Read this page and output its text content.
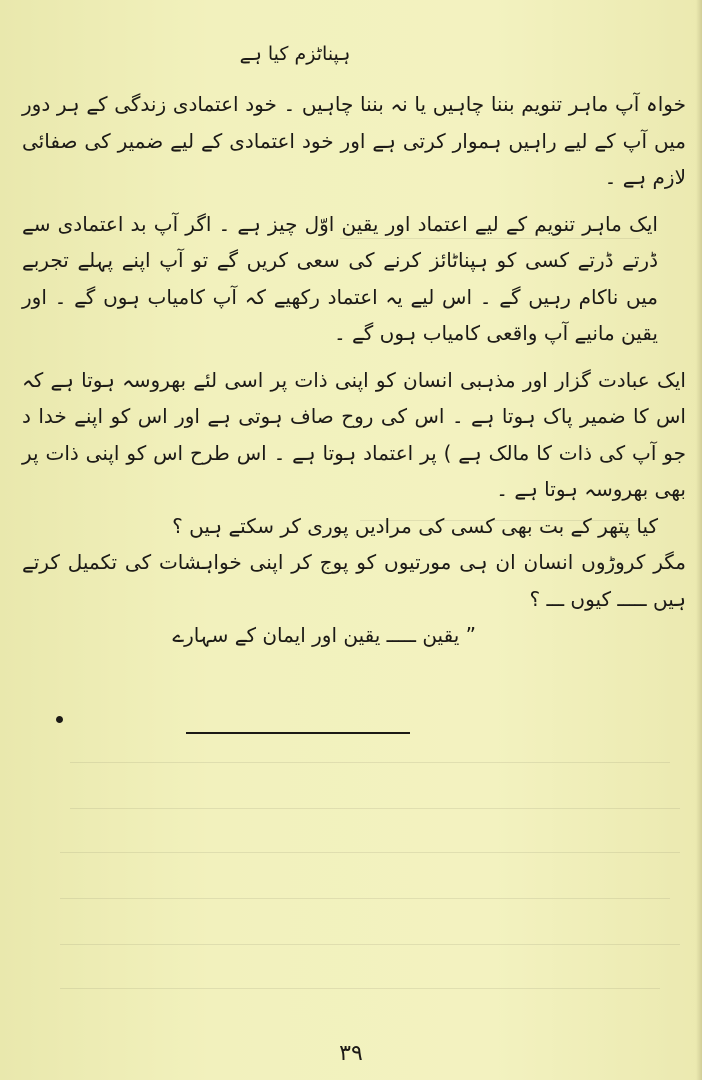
ہپناٹزم کیا ہے

خواہ آپ ماہر تنویم بننا چاہیں یا نہ بننا چاہیں ۔ خود اعتمادی زندگی کے ہر دور میں آپ کے لیے راہیں ہموار کرتی ہے اور خود اعتمادی کے لیے ضمیر کی صفائی لازم ہے ۔

ایک ماہر تنویم کے لیے اعتماد اور یقین اوّل چیز ہے ۔ اگر آپ بد اعتمادی سے ڈرتے ڈرتے کسی کو ہپناٹائز کرنے کی سعی کریں گے تو آپ اپنے پہلے تجربے میں ناکام رہیں گے ۔ اس لیے یہ اعتماد رکھیے کہ آپ کامیاب ہوں گے ۔ اور یقین مانیے آپ واقعی کامیاب ہوں گے ۔

ایک عبادت گزار اور مذہبی انسان کو اپنی ذات پر اسی لئے بھروسہ ہوتا ہے کہ اس کا ضمیر پاک ہوتا ہے ۔ اس کی روح صاف ہوتی ہے اور اس کو اپنے خدا د جو آپ کی ذات کا مالک ہے ) پر اعتماد ہوتا ہے ۔ اس طرح اس کو اپنی ذات پر بھی بھروسہ ہوتا ہے ۔

کیا پتھر کے بت بھی کسی کی مرادیں پوری کر سکتے ہیں ؟

مگر کروڑوں انسان ان ہی مورتیوں کو پوج کر اپنی خواہشات کی تکمیل کرتے ہیں ـــــ کیوں ـــ ؟

” یقین ـــــ یقین اور ایمان کے سہارے

۳۹
